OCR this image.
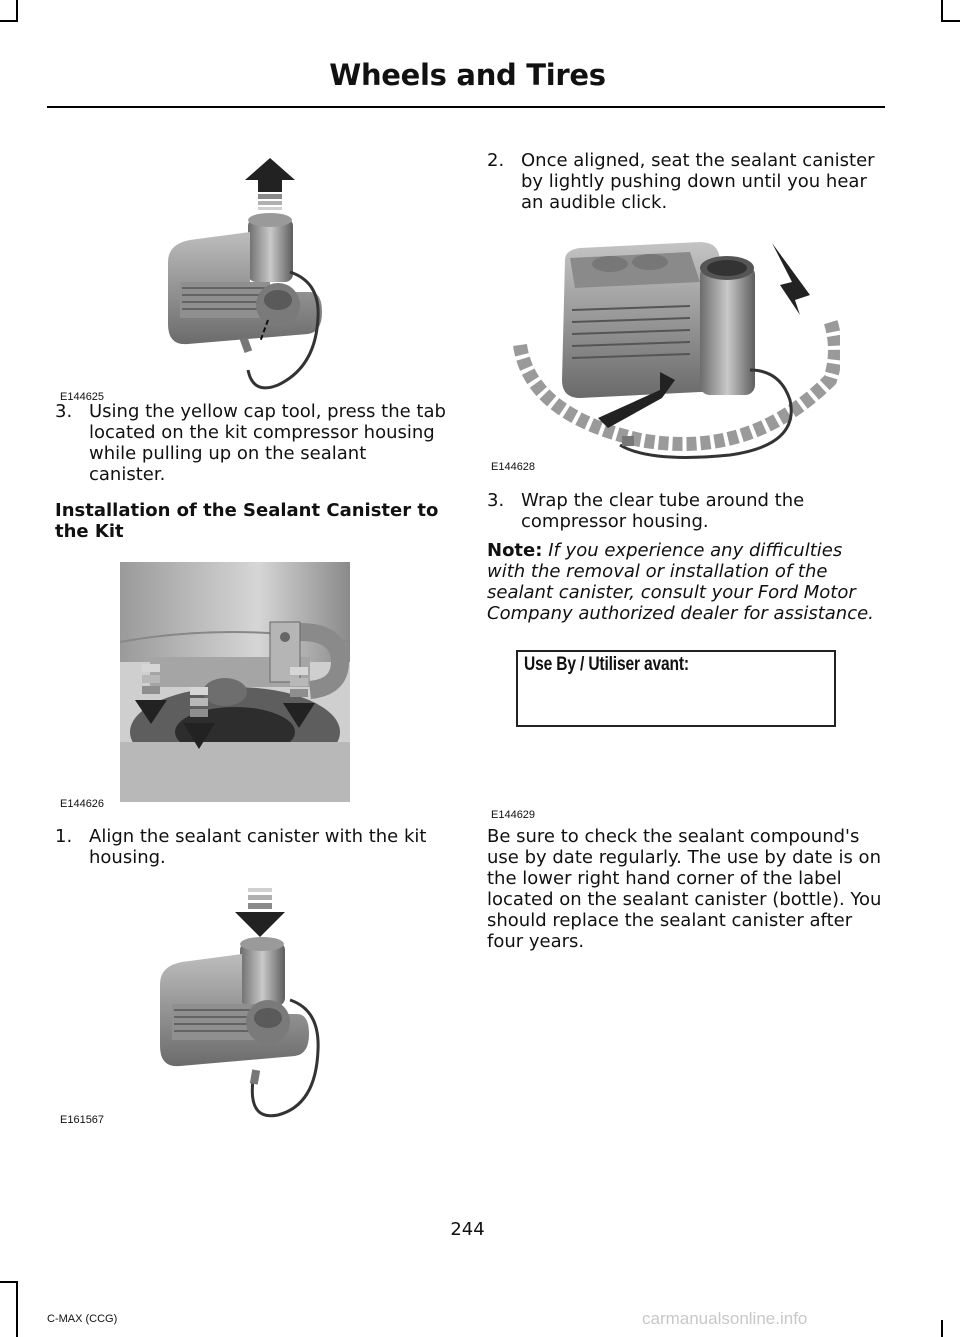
Wheels and Tires
E144625
3. Using the yellow cap tool, press the tab located on the kit compressor housing while pulling up on the sealant canister.
Installation of the Sealant Canister to the Kit
E144626
1. Align the sealant canister with the kit housing.
E161567
2. Once aligned, seat the sealant canister by lightly pushing down until you hear an audible click.
E144628
3. Wrap the clear tube around the compressor housing.
Note: If you experience any difficulties with the removal or installation of the sealant canister, consult your Ford Motor Company authorized dealer for assistance.
Use By / Utiliser avant:
E144629
Be sure to check the sealant compound's use by date regularly. The use by date is on the lower right hand corner of the label located on the sealant canister (bottle). You should replace the sealant canister after four years.
244
C-MAX (CCG)	carmanualsonline.info
